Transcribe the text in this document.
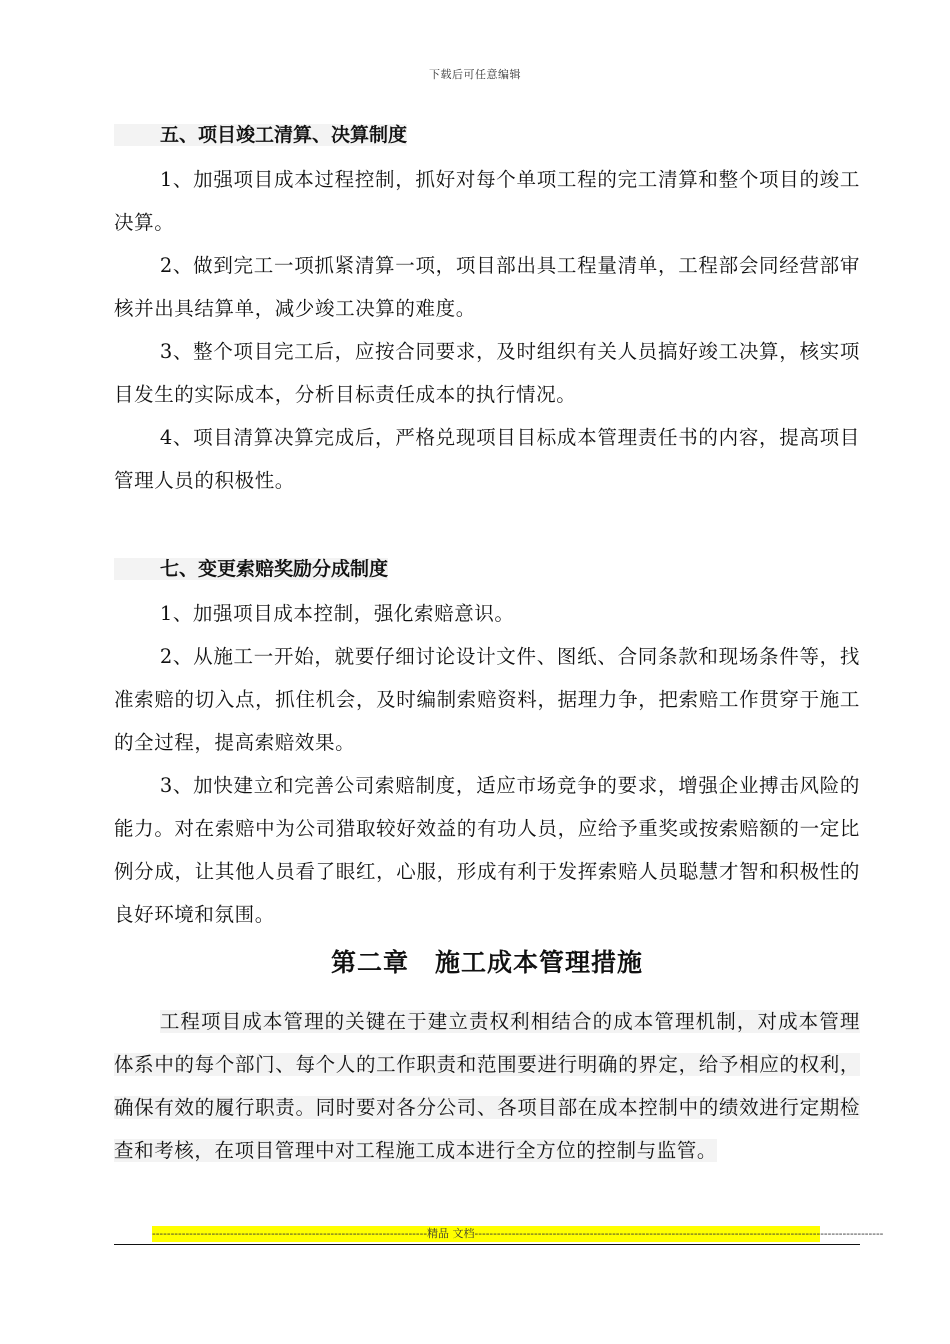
下载后可任意编辑
五、项目竣工清算、决算制度

1、加强项目成本过程控制，抓好对每个单项工程的完工清算和整个项目的竣工决算。

2、做到完工一项抓紧清算一项，项目部出具工程量清单，工程部会同经营部审核并出具结算单，减少竣工决算的难度。

3、整个项目完工后，应按合同要求，及时组织有关人员搞好竣工决算，核实项目发生的实际成本，分析目标责任成本的执行情况。

4、项目清算决算完成后，严格兑现项目目标成本管理责任书的内容，提高项目管理人员的积极性。

七、变更索赔奖励分成制度

1、加强项目成本控制，强化索赔意识。

2、从施工一开始，就要仔细讨论设计文件、图纸、合同条款和现场条件等，找准索赔的切入点，抓住机会，及时编制索赔资料，据理力争，把索赔工作贯穿于施工的全过程，提高索赔效果。

3、加快建立和完善公司索赔制度，适应市场竞争的要求，增强企业搏击风险的能力。对在索赔中为公司猎取较好效益的有功人员，应给予重奖或按索赔额的一定比例分成，让其他人员看了眼红，心服，形成有利于发挥索赔人员聪慧才智和积极性的良好环境和氛围。

第二章　施工成本管理措施

工程项目成本管理的关键在于建立责权利相结合的成本管理机制，对成本管理体系中的每个部门、每个人的工作职责和范围要进行明确的界定，给予相应的权利，确保有效的履行职责。同时要对各分公司、各项目部在成本控制中的绩效进行定期检查和考核，在项目管理中对工程施工成本进行全方位的控制与监管。

--------------------------------------------------------------------------精品 文档--------------------------------------------------------------------------------------------------------------
